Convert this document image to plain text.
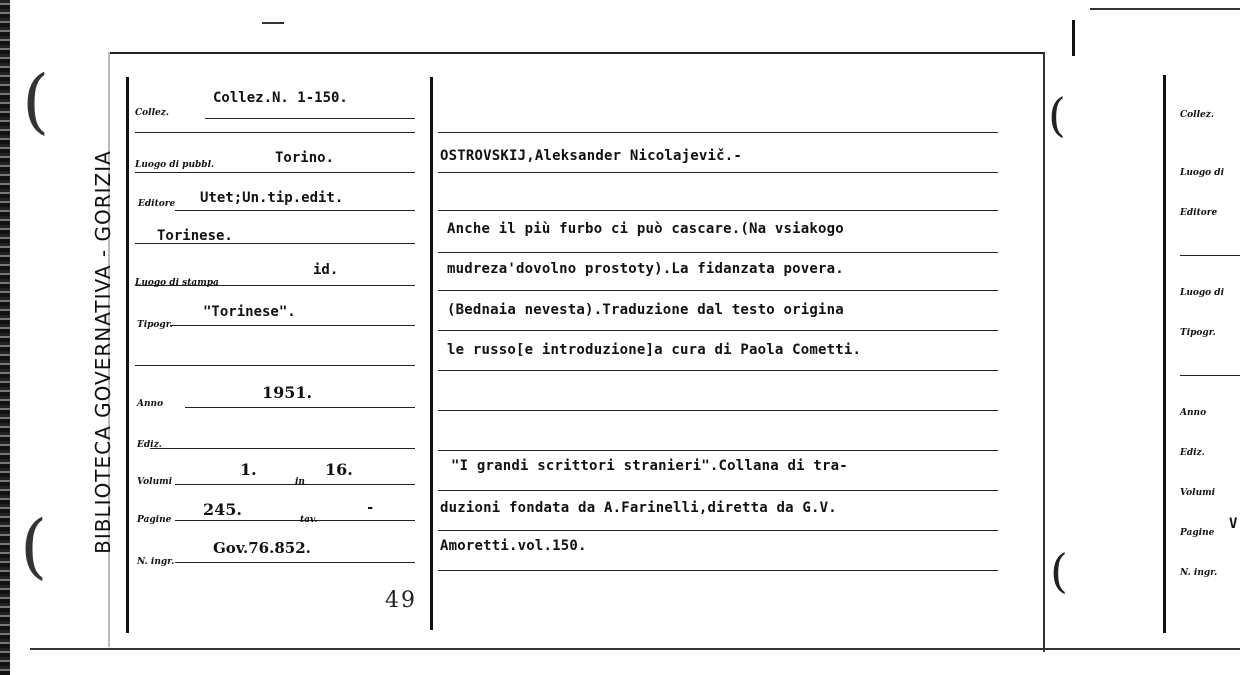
BIBLIOTECA GOVERNATIVA - GORIZIA
Collez.
Collez.N. 1-150.
Luogo di pubbl.	Torino.
Editore Utet;Un.tip.edit.
Torinese.
Luogo di stampa
id.
Tipogr.
"Torinese".
Anno
1951.
Ediz.
Volumi
1.
in
16.
Pagine
245.
tav.
-
N. ingr.
Gov.76.852.
49
OSTROVSKIJ,Aleksander Nicolajevič.-
Anche il più furbo ci può cascare.(Na vsiakogo
mudreza'dovolno prostoty).La fidanzata povera.
(Bednaia nevesta).Traduzione dal testo origina
le russo[e introduzione]a cura di Paola Cometti.
"I grandi scrittori stranieri".Collana di tra-
duzioni fondata da A.Farinelli,diretta da G.V.
Amoretti.vol.150.
(
(
(
(
Collez.
Luogo di
Editore
Luogo di
Tipogr.
Anno
Ediz.
Volumi
Pagine
V
N. ingr.
